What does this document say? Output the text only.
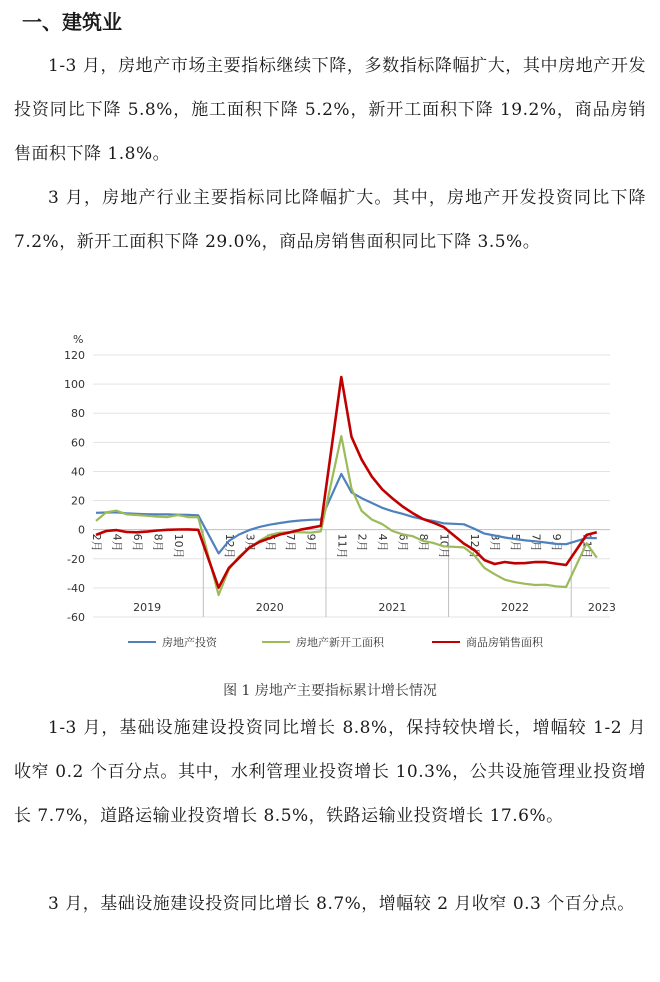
一、建筑业

1-3 月，房地产市场主要指标继续下降，多数指标降幅扩大，其中房地产开发投资同比下降 5.8%，施工面积下降 5.2%，新开工面积下降 19.2%，商品房销售面积下降 1.8%。

3 月，房地产行业主要指标同比降幅扩大。其中，房地产开发投资同比下降 7.2%，新开工面积下降 29.0%，商品房销售面积同比下降 3.5%。

%
-60
-40
-20
0
20
40
60
80
100
120
2月 4月 6月 8月 10月	12月 3月 5月 7月 9月 11月 2月 4月 6月 8月 10月 12月 3月 5月 7月 9月 11月
2019	2020	2021	2022	2023
房地产投资	房地产新开工面积	商品房销售面积
图 1 房地产主要指标累计增长情况

1-3 月，基础设施建设投资同比增长 8.8%，保持较快增长，增幅较 1-2 月收窄 0.2 个百分点。其中，水利管理业投资增长 10.3%，公共设施管理业投资增长 7.7%，道路运输业投资增长 8.5%，铁路运输业投资增长 17.6%。

3 月，基础设施建设投资同比增长 8.7%，增幅较 2 月收窄 0.3 个百分点。
